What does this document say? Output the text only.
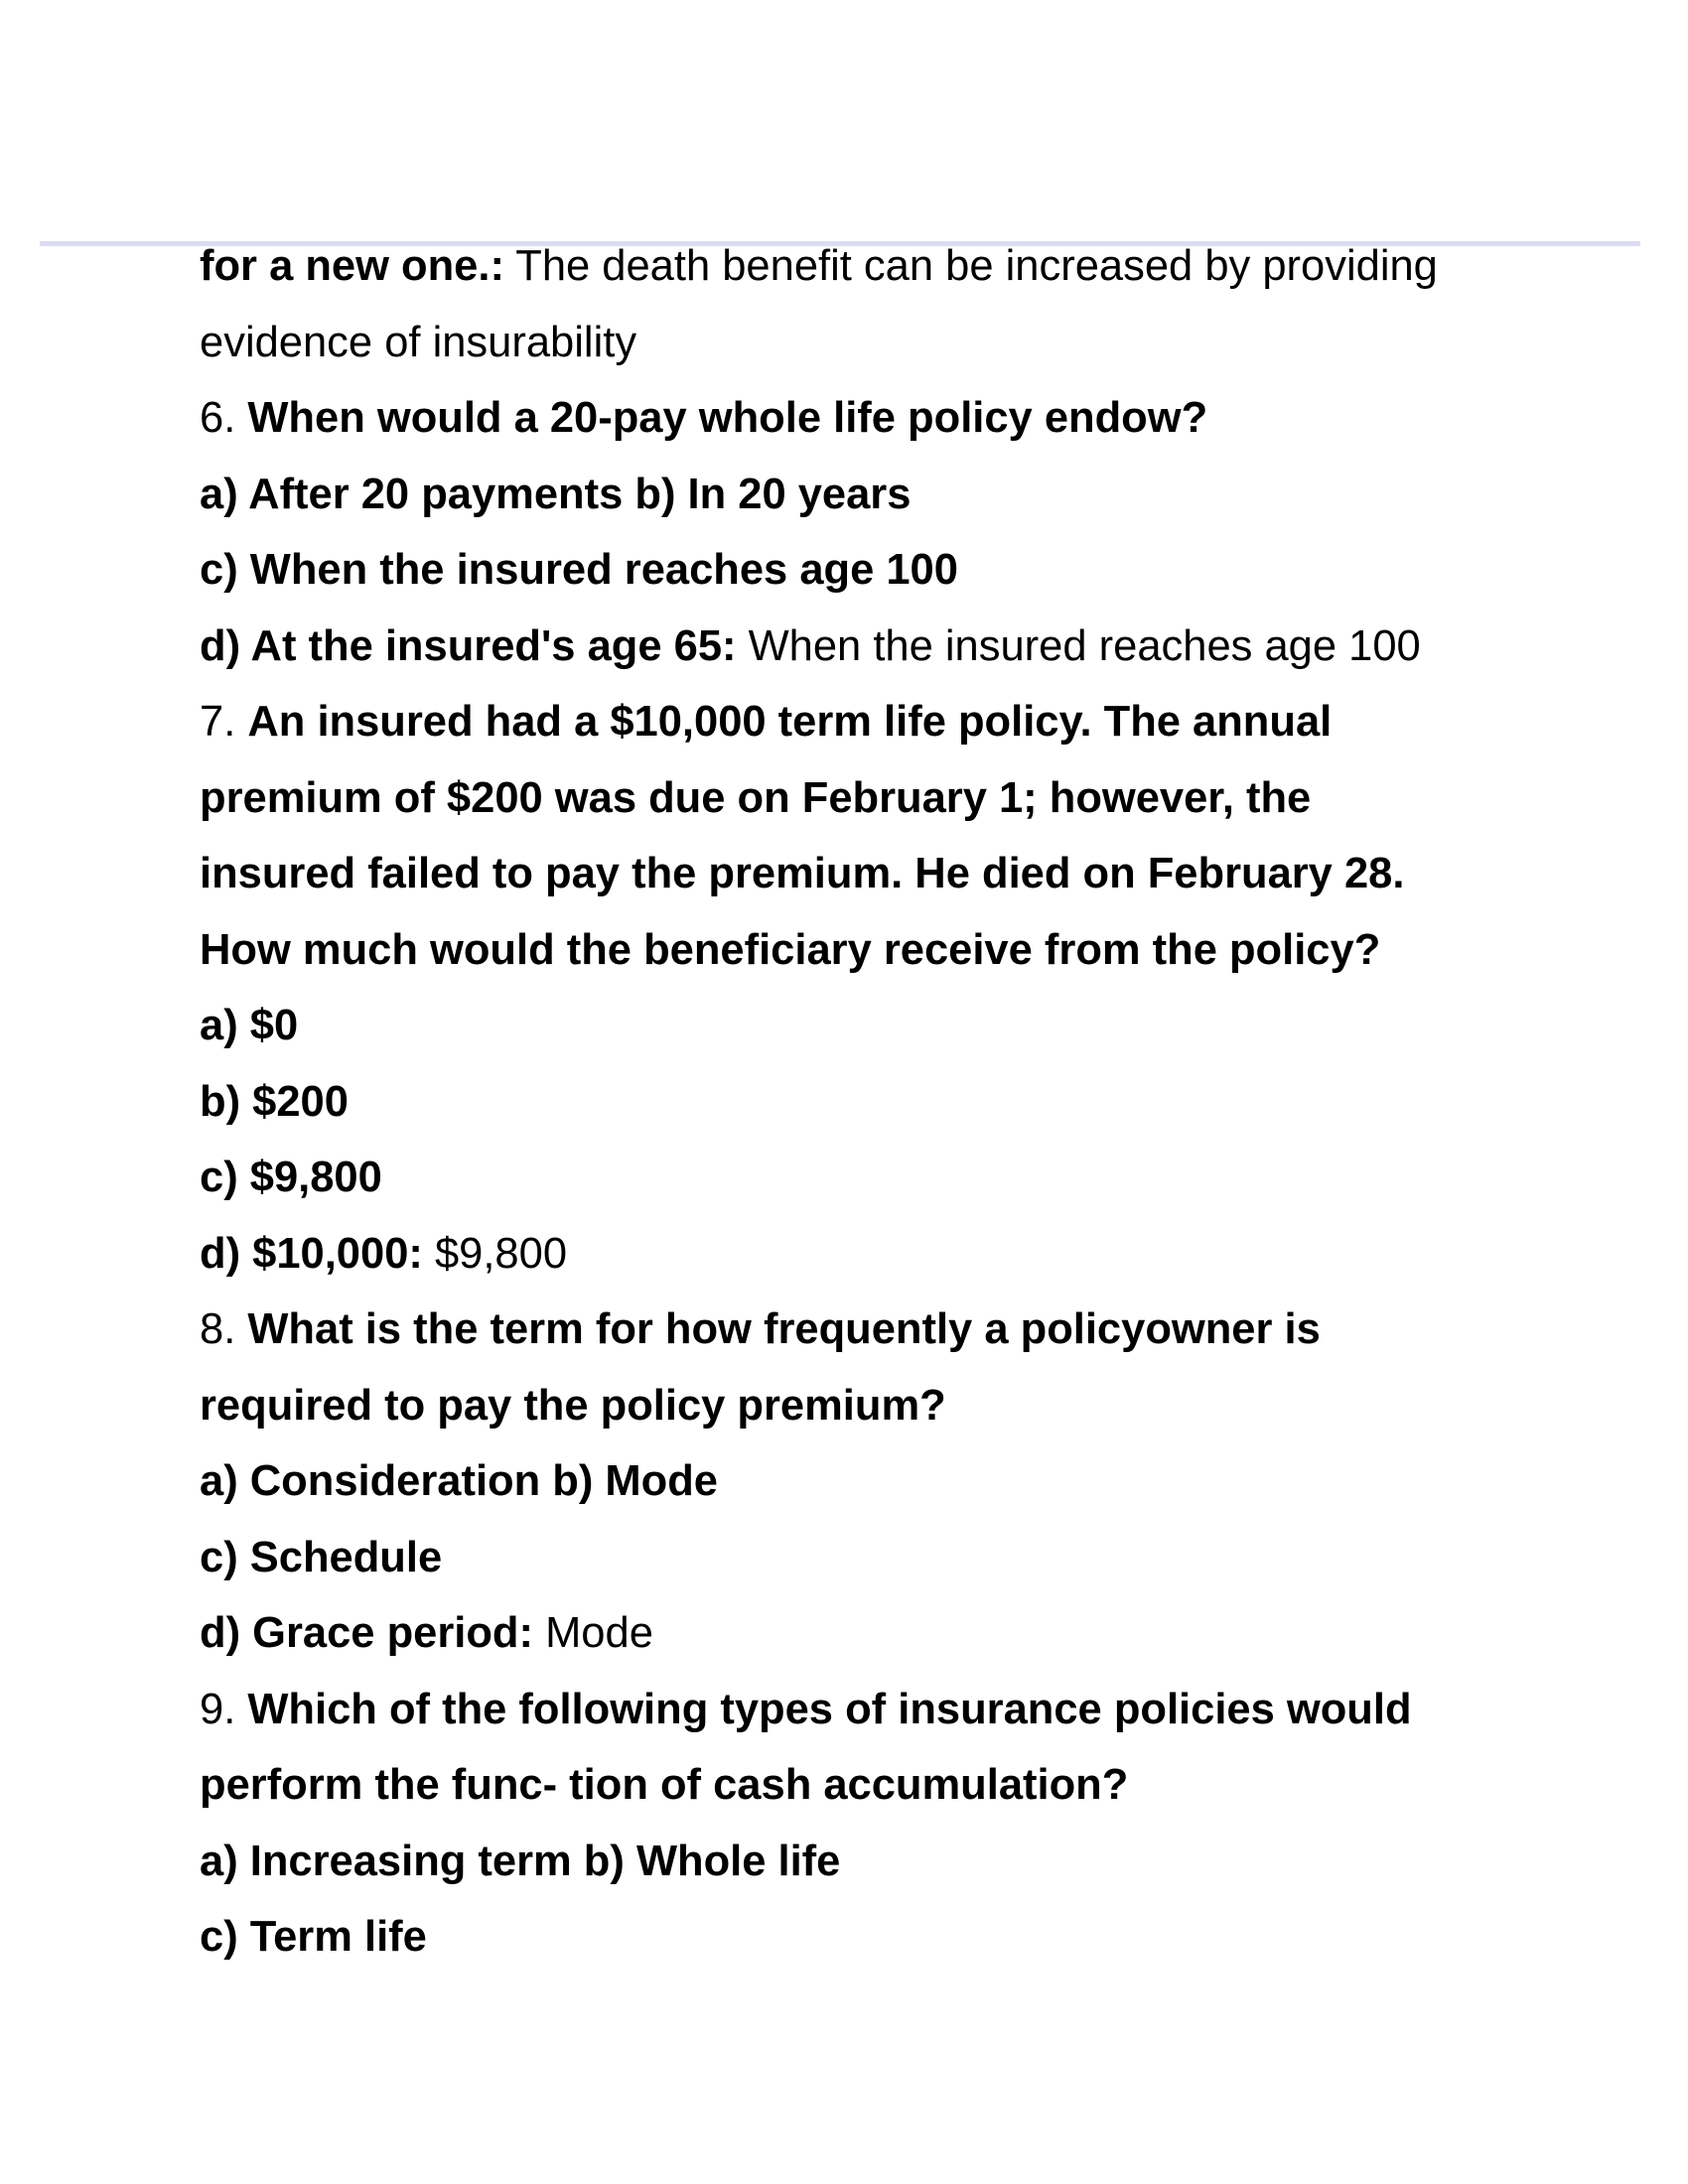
for a new one.: The death benefit can be increased by providing

evidence of insurability

6. When would a 20-pay whole life policy endow?

a) After 20 payments b) In 20 years

c) When the insured reaches age 100

d) At the insured's age 65: When the insured reaches age 100

7. An insured had a $10,000 term life policy. The annual

premium of $200 was due on February 1; however, the

insured failed to pay the premium. He died on February 28.

How much would the beneficiary receive from the policy?

a) $0

b) $200

c) $9,800

d) $10,000: $9,800

8. What is the term for how frequently a policyowner is

required to pay the policy premium?

a) Consideration b) Mode

c) Schedule

d) Grace period: Mode

9. Which of the following types of insurance policies would

perform the func- tion of cash accumulation?

a) Increasing term b) Whole life

c) Term life
